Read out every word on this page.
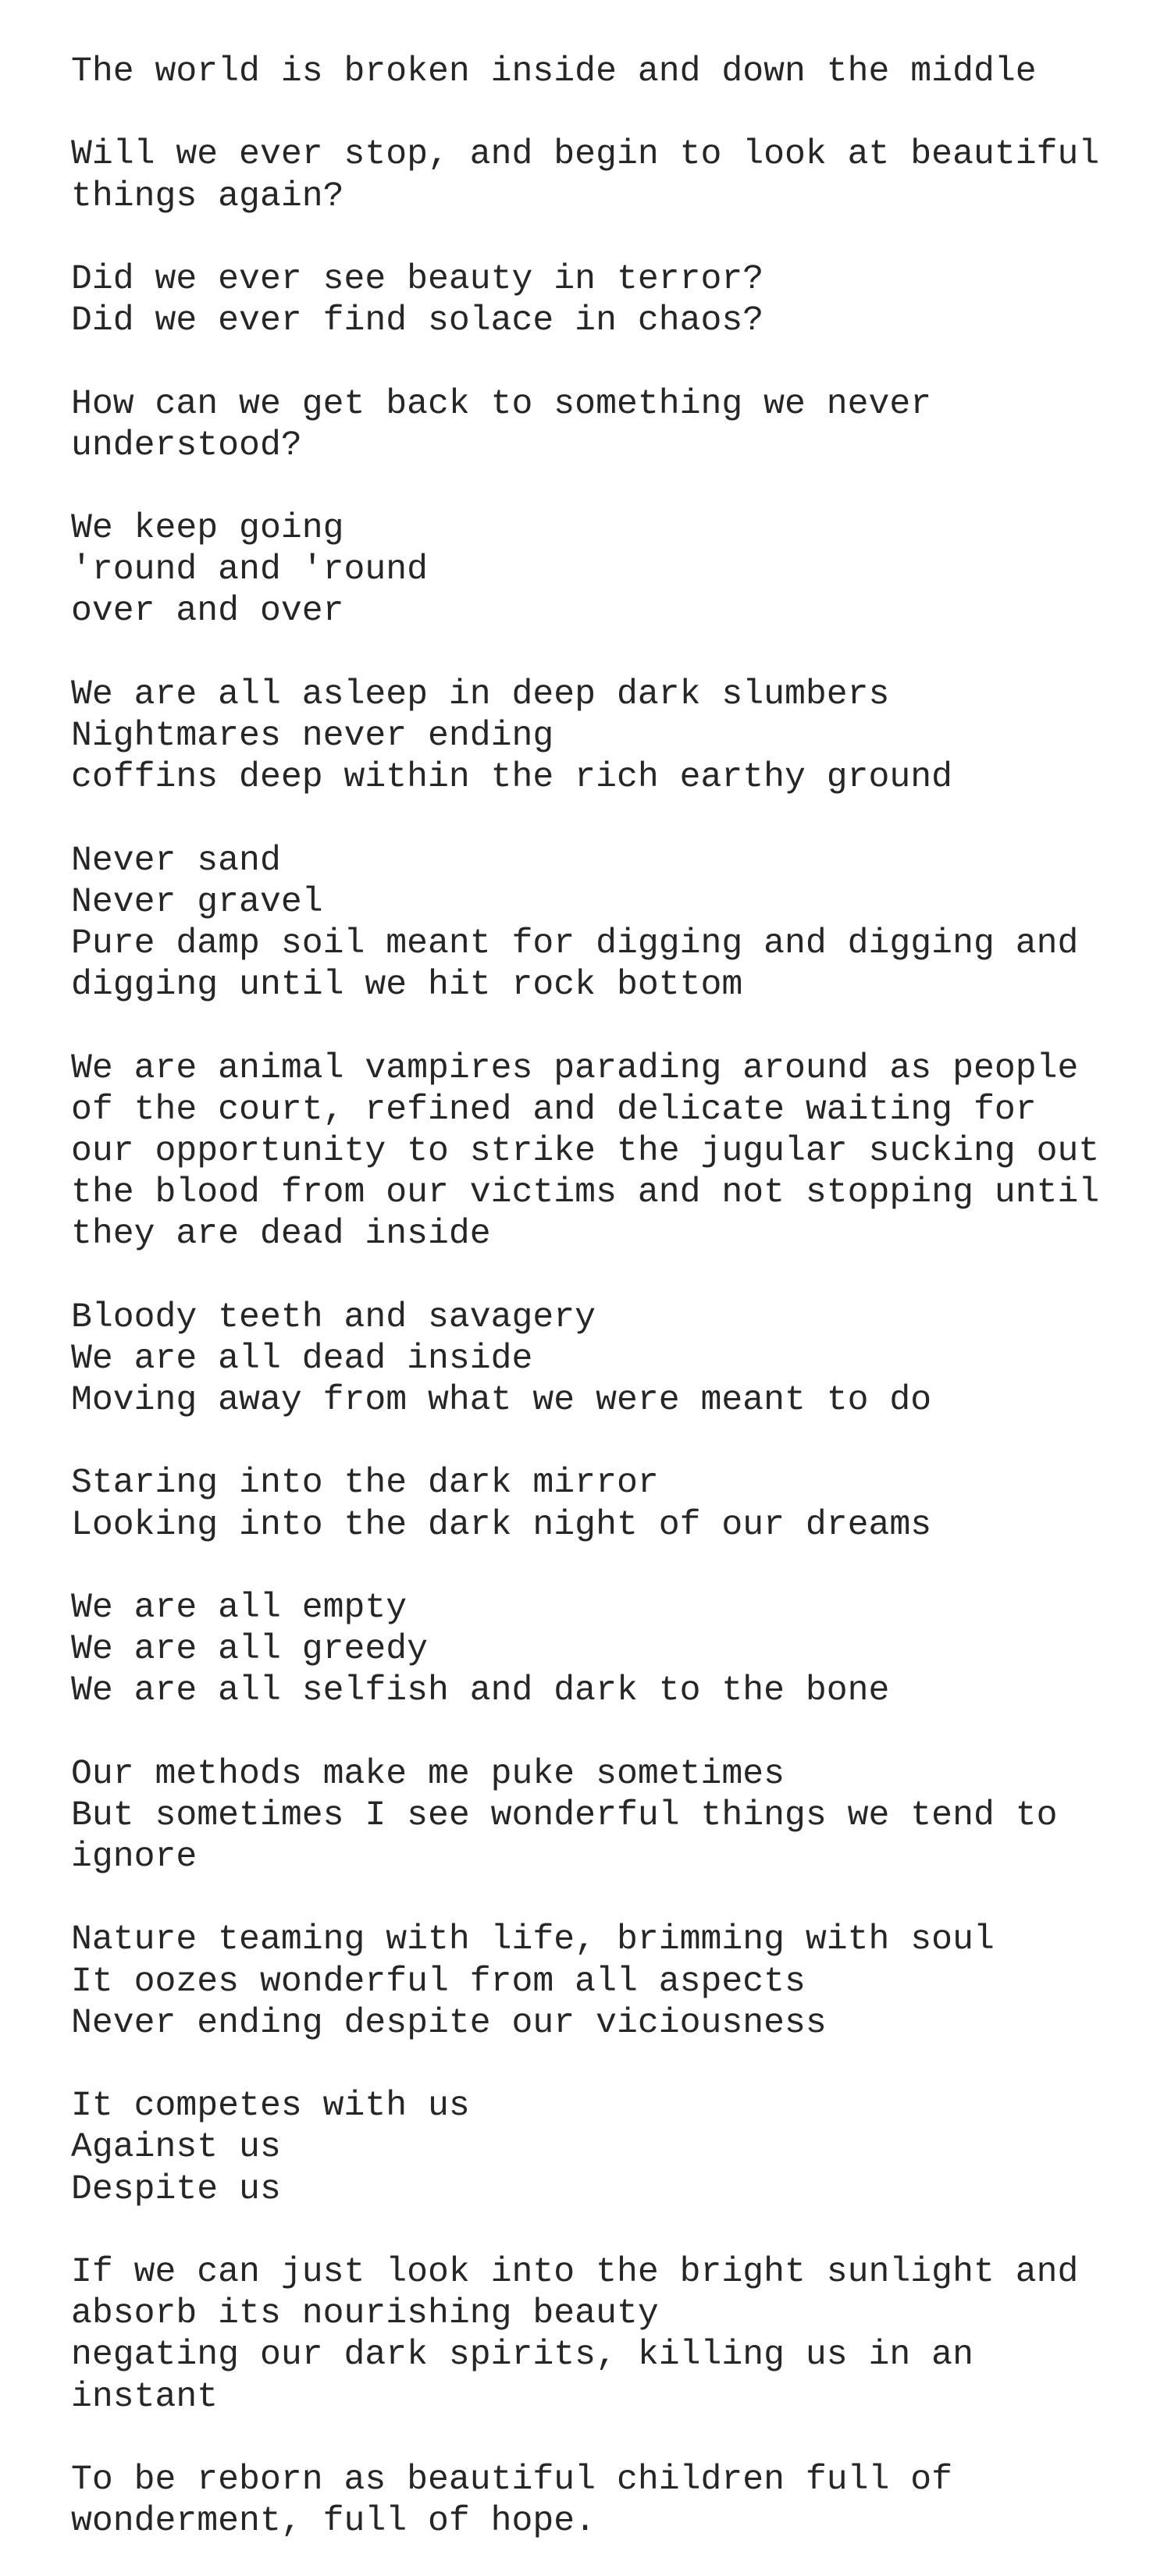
The world is broken inside and down the middle
Will we ever stop, and begin to look at beautiful
things again?
Did we ever see beauty in terror?
Did we ever find solace in chaos?
How can we get back to something we never
understood?
We keep going
'round and 'round
over and over
We are all asleep in deep dark slumbers
Nightmares never ending
coffins deep within the rich earthy ground
Never sand
Never gravel
Pure damp soil meant for digging and digging and
digging until we hit rock bottom
We are animal vampires parading around as people
of the court, refined and delicate waiting for
our opportunity to strike the jugular sucking out
the blood from our victims and not stopping until
they are dead inside
Bloody teeth and savagery
We are all dead inside
Moving away from what we were meant to do
Staring into the dark mirror
Looking into the dark night of our dreams
We are all empty
We are all greedy
We are all selfish and dark to the bone
Our methods make me puke sometimes
But sometimes I see wonderful things we tend to
ignore
Nature teaming with life, brimming with soul
It oozes wonderful from all aspects
Never ending despite our viciousness
It competes with us
Against us
Despite us
If we can just look into the bright sunlight and
absorb its nourishing beauty
negating our dark spirits, killing us in an
instant
To be reborn as beautiful children full of
wonderment, full of hope.
